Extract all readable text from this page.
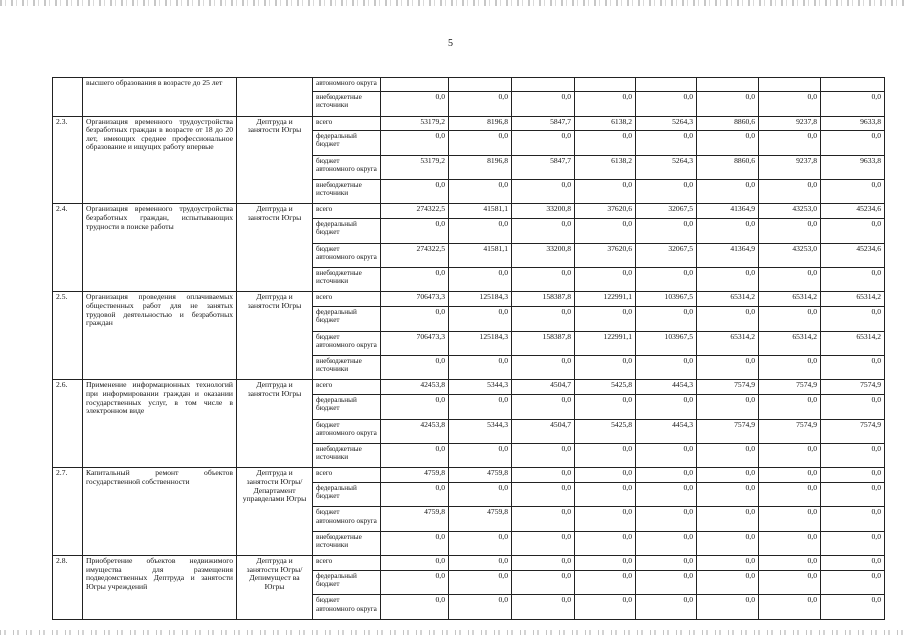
5
	высшего образования в возрасте до 25 лет		автономного округа								
			внебюджетные источники	0,0	0,0	0,0	0,0	0,0	0,0	0,0	0,0
2.3.	Организация временного трудоустройства безработных граждан в возрасте от 18 до 20 лет, имеющих среднее профессиональное образование и ищущих работу впервые	Дептруда и занятости Югры	всего	53179,2	8196,8	5847,7	6138,2	5264,3	8860,6	9237,8	9633,8
			федеральный бюджет	0,0	0,0	0,0	0,0	0,0	0,0	0,0	0,0
			бюджет автономного округа	53179,2	8196,8	5847,7	6138,2	5264,3	8860,6	9237,8	9633,8
			внебюджетные источники	0,0	0,0	0,0	0,0	0,0	0,0	0,0	0,0
2.4.	Организация временного трудоустройства безработных граждан, испытывающих трудности в поиске работы	Дептруда и занятости Югры	всего	274322,5	41581,1	33200,8	37620,6	32067,5	41364,9	43253,0	45234,6
			федеральный бюджет	0,0	0,0	0,0	0,0	0,0	0,0	0,0	0,0
			бюджет автономного округа	274322,5	41581,1	33200,8	37620,6	32067,5	41364,9	43253,0	45234,6
			внебюджетные источники	0,0	0,0	0,0	0,0	0,0	0,0	0,0	0,0
2.5.	Организация проведения оплачиваемых общественных работ для не занятых трудовой деятельностью и безработных граждан	Дептруда и занятости Югры	всего	706473,3	125184,3	158387,8	122991,1	103967,5	65314,2	65314,2	65314,2
			федеральный бюджет	0,0	0,0	0,0	0,0	0,0	0,0	0,0	0,0
			бюджет автономного округа	706473,3	125184,3	158387,8	122991,1	103967,5	65314,2	65314,2	65314,2
			внебюджетные источники	0,0	0,0	0,0	0,0	0,0	0,0	0,0	0,0
2.6.	Применение информационных технологий при информировании граждан и оказании государственных услуг, в том числе в электронном виде	Дептруда и занятости Югры	всего	42453,8	5344,3	4504,7	5425,8	4454,3	7574,9	7574,9	7574,9
			федеральный бюджет	0,0	0,0	0,0	0,0	0,0	0,0	0,0	0,0
			бюджет автономного округа	42453,8	5344,3	4504,7	5425,8	4454,3	7574,9	7574,9	7574,9
			внебюджетные источники	0,0	0,0	0,0	0,0	0,0	0,0	0,0	0,0
2.7.	Капитальный ремонт объектов государственной собственности	Дептруда и занятости Югры/Департамент управделами Югры	всего	4759,8	4759,8	0,0	0,0	0,0	0,0	0,0	0,0
			федеральный бюджет	0,0	0,0	0,0	0,0	0,0	0,0	0,0	0,0
			бюджет автономного округа	4759,8	4759,8	0,0	0,0	0,0	0,0	0,0	0,0
			внебюджетные источники	0,0	0,0	0,0	0,0	0,0	0,0	0,0	0,0
2.8.	Приобретение объектов недвижимого имущества для размещения подведомственных Дептруда и занятости Югры учреждений	Дептруда и занятости Югры/Депимущест ва Югры	всего	0,0	0,0	0,0	0,0	0,0	0,0	0,0	0,0
			федеральный бюджет	0,0	0,0	0,0	0,0	0,0	0,0	0,0	0,0
			бюджет автономного округа	0,0	0,0	0,0	0,0	0,0	0,0	0,0	0,0
